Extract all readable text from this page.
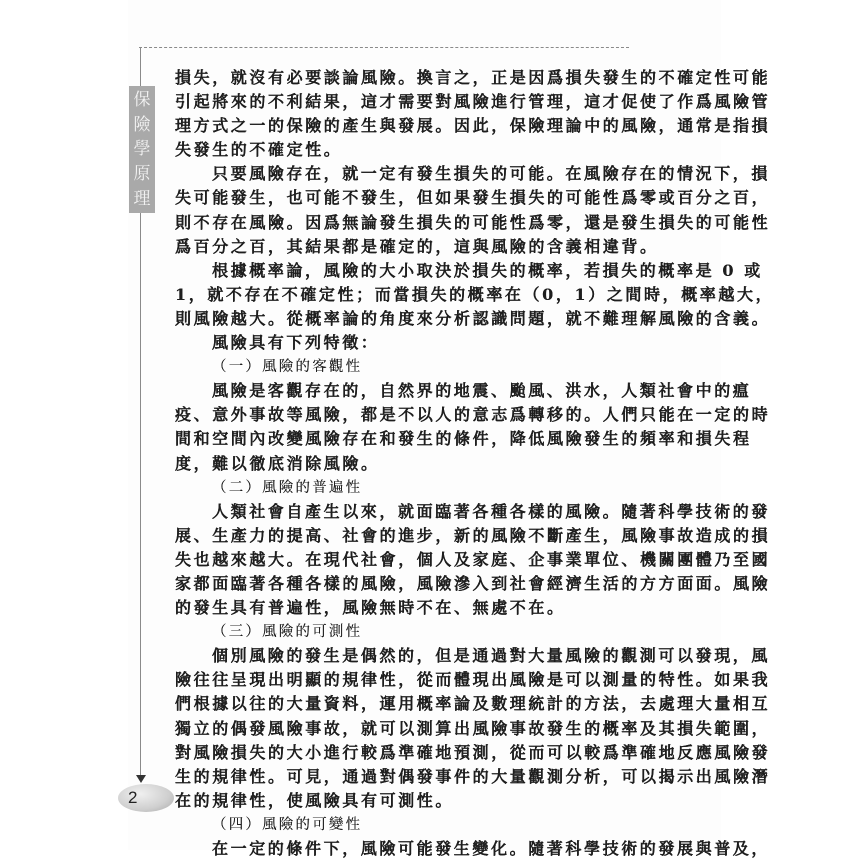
保
險
學
原
理
2
損失，就沒有必要談論風險。換言之，正是因爲損失發生的不確定性可能
引起將來的不利結果，這才需要對風險進行管理，這才促使了作爲風險管
理方式之一的保險的產生與發展。因此，保險理論中的風險，通常是指損
失發生的不確定性。
只要風險存在，就一定有發生損失的可能。在風險存在的情況下，損
失可能發生，也可能不發生，但如果發生損失的可能性爲零或百分之百，
則不存在風險。因爲無論發生損失的可能性爲零，還是發生損失的可能性
爲百分之百，其結果都是確定的，這與風險的含義相違背。
根據概率論，風險的大小取決於損失的概率，若損失的概率是 0 或
1，就不存在不確定性；而當損失的概率在（0，1）之間時，概率越大，
則風險越大。從概率論的角度來分析認識問題，就不難理解風險的含義。
風險具有下列特徵：
（一）風險的客觀性
風險是客觀存在的，自然界的地震、颱風、洪水，人類社會中的瘟
疫、意外事故等風險，都是不以人的意志爲轉移的。人們只能在一定的時
間和空間內改變風險存在和發生的條件，降低風險發生的頻率和損失程
度，難以徹底消除風險。
（二）風險的普遍性
人類社會自產生以來，就面臨著各種各樣的風險。隨著科學技術的發
展、生產力的提高、社會的進步，新的風險不斷產生，風險事故造成的損
失也越來越大。在現代社會，個人及家庭、企事業單位、機關團體乃至國
家都面臨著各種各樣的風險，風險滲入到社會經濟生活的方方面面。風險
的發生具有普遍性，風險無時不在、無處不在。
（三）風險的可測性
個別風險的發生是偶然的，但是通過對大量風險的觀測可以發現，風
險往往呈現出明顯的規律性，從而體現出風險是可以測量的特性。如果我
們根據以往的大量資料，運用概率論及數理統計的方法，去處理大量相互
獨立的偶發風險事故，就可以測算出風險事故發生的概率及其損失範圍，
對風險損失的大小進行較爲準確地預測，從而可以較爲準確地反應風險發
生的規律性。可見，通過對偶發事件的大量觀測分析，可以揭示出風險潛
在的規律性，使風險具有可測性。
（四）風險的可變性
在一定的條件下，風險可能發生變化。隨著科學技術的發展與普及，
